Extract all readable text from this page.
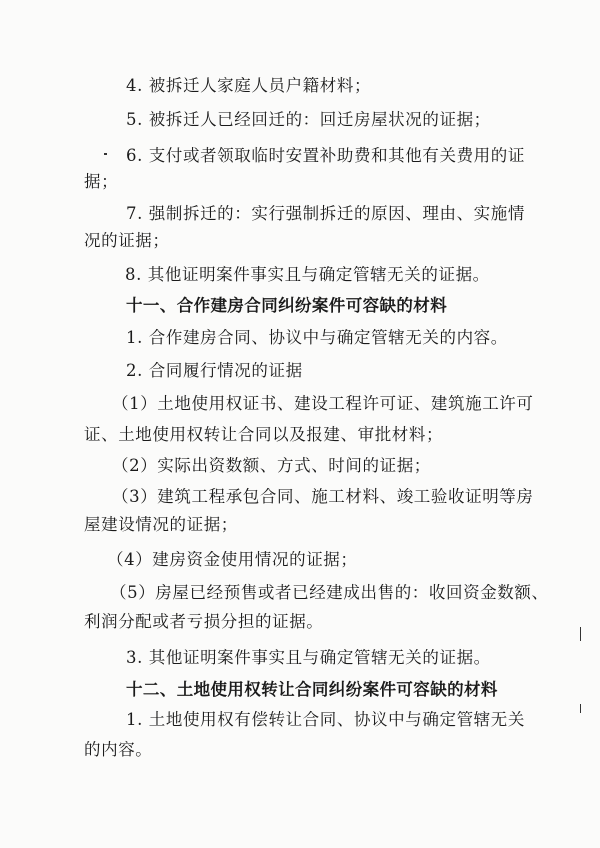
4. 被拆迁人家庭人员户籍材料；
5. 被拆迁人已经回迁的：回迁房屋状况的证据；
6. 支付或者领取临时安置补助费和其他有关费用的证
据；
7. 强制拆迁的：实行强制拆迁的原因、理由、实施情
况的证据；
8. 其他证明案件事实且与确定管辖无关的证据。
十一、合作建房合同纠纷案件可容缺的材料
1. 合作建房合同、协议中与确定管辖无关的内容。
2. 合同履行情况的证据
（1）土地使用权证书、建设工程许可证、建筑施工许可
证、土地使用权转让合同以及报建、审批材料；
（2）实际出资数额、方式、时间的证据；
（3）建筑工程承包合同、施工材料、竣工验收证明等房
屋建设情况的证据；
（4）建房资金使用情况的证据；
（5）房屋已经预售或者已经建成出售的：收回资金数额、
利润分配或者亏损分担的证据。
3. 其他证明案件事实且与确定管辖无关的证据。
十二、土地使用权转让合同纠纷案件可容缺的材料
1. 土地使用权有偿转让合同、协议中与确定管辖无关
的内容。
